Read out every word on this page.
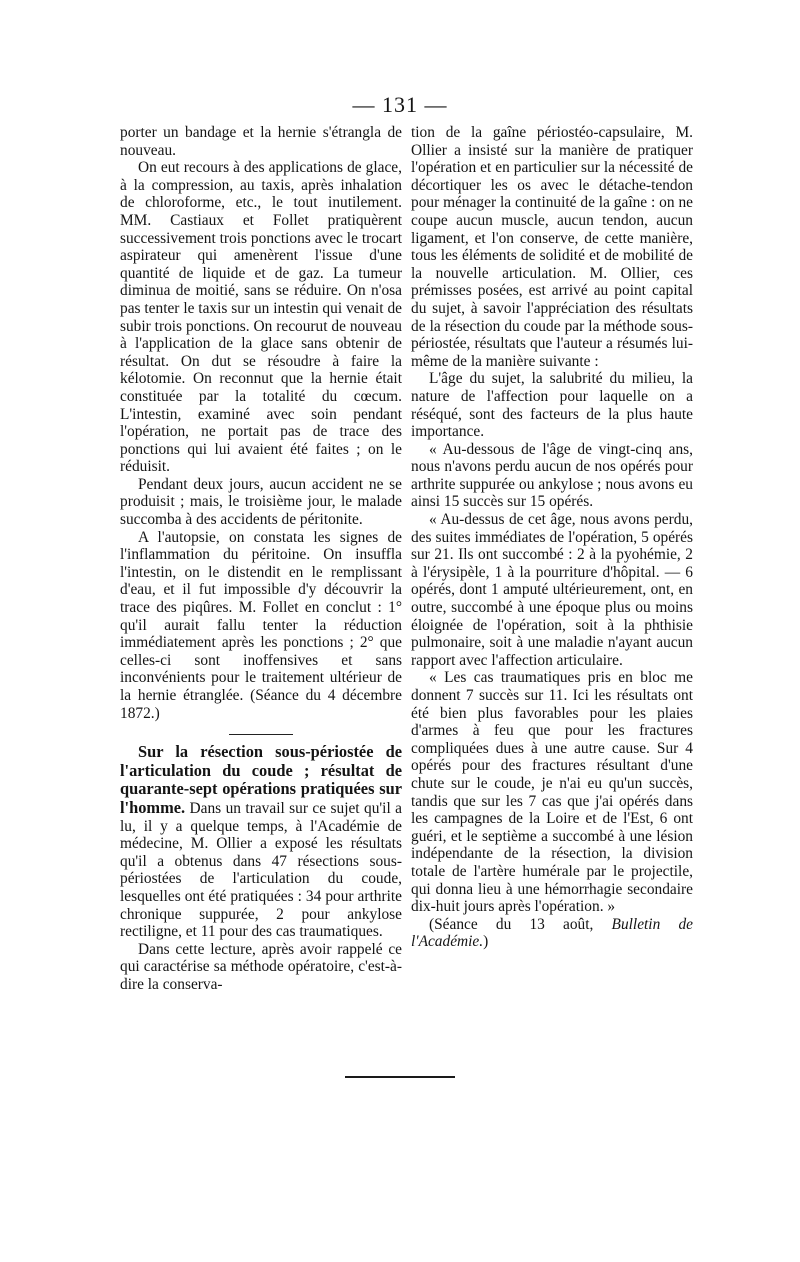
— 131 —

porter un bandage et la hernie s'étrangla de nouveau.

On eut recours à des applications de glace, à la compression, au taxis, après inhalation de chloroforme, etc., le tout inutilement. MM. Castiaux et Follet pratiquèrent successivement trois ponctions avec le trocart aspirateur qui amenèrent l'issue d'une quantité de liquide et de gaz. La tumeur diminua de moitié, sans se réduire. On n'osa pas tenter le taxis sur un intestin qui venait de subir trois ponctions. On recourut de nouveau à l'application de la glace sans obtenir de résultat. On dut se résoudre à faire la kélotomie. On reconnut que la hernie était constituée par la totalité du cœcum. L'intestin, examiné avec soin pendant l'opération, ne portait pas de trace des ponctions qui lui avaient été faites ; on le réduisit.

Pendant deux jours, aucun accident ne se produisit ; mais, le troisième jour, le malade succomba à des accidents de péritonite.

A l'autopsie, on constata les signes de l'inflammation du péritoine. On insuffla l'intestin, on le distendit en le remplissant d'eau, et il fut impossible d'y découvrir la trace des piqûres. M. Follet en conclut : 1° qu'il aurait fallu tenter la réduction immédiatement après les ponctions ; 2° que celles-ci sont inoffensives et sans inconvénients pour le traitement ultérieur de la hernie étranglée. (Séance du 4 décembre 1872.)

Sur la résection sous-périostée de l'articulation du coude ; résultat de quarante-sept opérations pratiquées sur l'homme. Dans un travail sur ce sujet qu'il a lu, il y a quelque temps, à l'Académie de médecine, M. Ollier a exposé les résultats qu'il a obtenus dans 47 résections sous-périostées de l'articulation du coude, lesquelles ont été pratiquées : 34 pour arthrite chronique suppurée, 2 pour ankylose rectiligne, et 11 pour des cas traumatiques.

Dans cette lecture, après avoir rappelé ce qui caractérise sa méthode opératoire, c'est-à-dire la conserva-

tion de la gaîne périostéo-capsulaire, M. Ollier a insisté sur la manière de pratiquer l'opération et en particulier sur la nécessité de décortiquer les os avec le détache-tendon pour ménager la continuité de la gaîne : on ne coupe aucun muscle, aucun tendon, aucun ligament, et l'on conserve, de cette manière, tous les éléments de solidité et de mobilité de la nouvelle articulation. M. Ollier, ces prémisses posées, est arrivé au point capital du sujet, à savoir l'appréciation des résultats de la résection du coude par la méthode sous-périostée, résultats que l'auteur a résumés lui-même de la manière suivante :

L'âge du sujet, la salubrité du milieu, la nature de l'affection pour laquelle on a réséqué, sont des facteurs de la plus haute importance.

« Au-dessous de l'âge de vingt-cinq ans, nous n'avons perdu aucun de nos opérés pour arthrite suppurée ou ankylose ; nous avons eu ainsi 15 succès sur 15 opérés.

« Au-dessus de cet âge, nous avons perdu, des suites immédiates de l'opération, 5 opérés sur 21. Ils ont succombé : 2 à la pyohémie, 2 à l'érysipèle, 1 à la pourriture d'hôpital. — 6 opérés, dont 1 amputé ultérieurement, ont, en outre, succombé à une époque plus ou moins éloignée de l'opération, soit à la phthisie pulmonaire, soit à une maladie n'ayant aucun rapport avec l'affection articulaire.

« Les cas traumatiques pris en bloc me donnent 7 succès sur 11. Ici les résultats ont été bien plus favorables pour les plaies d'armes à feu que pour les fractures compliquées dues à une autre cause. Sur 4 opérés pour des fractures résultant d'une chute sur le coude, je n'ai eu qu'un succès, tandis que sur les 7 cas que j'ai opérés dans les campagnes de la Loire et de l'Est, 6 ont guéri, et le septième a succombé à une lésion indépendante de la résection, la division totale de l'artère humérale par le projectile, qui donna lieu à une hémorrhagie secondaire dix-huit jours après l'opération. »

(Séance du 13 août, Bulletin de l'Académie.)
